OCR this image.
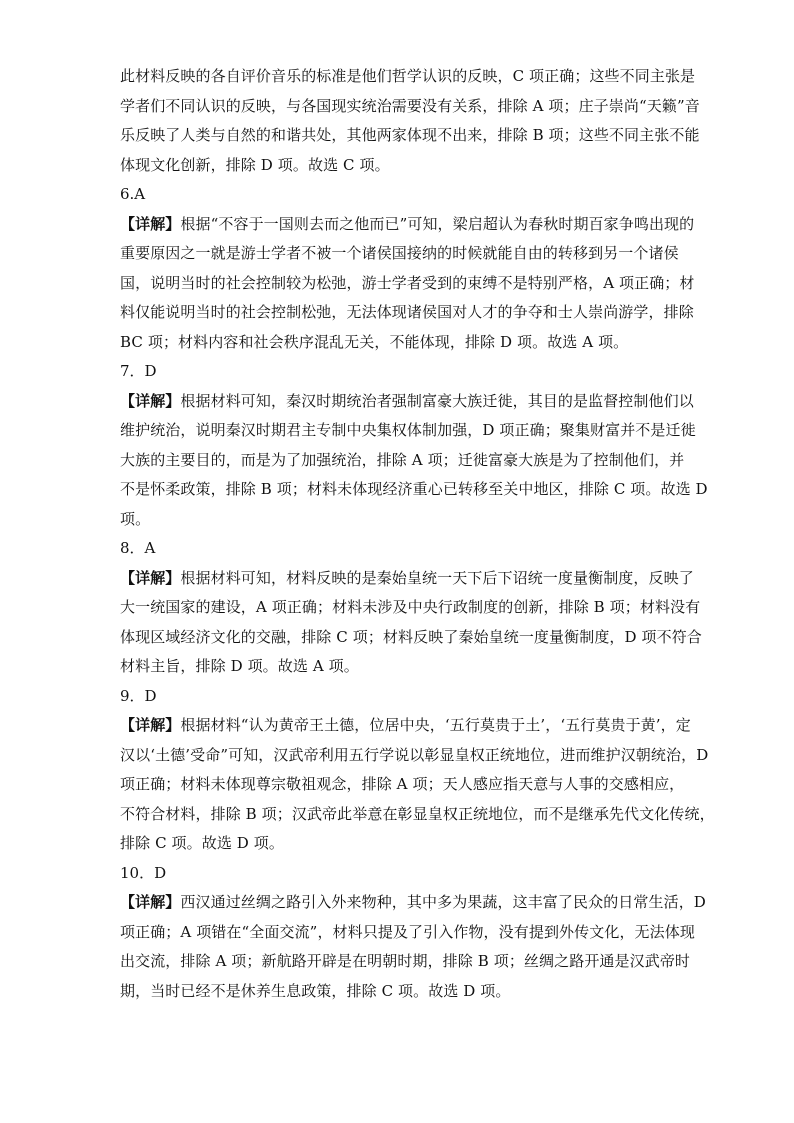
此材料反映的各自评价音乐的标准是他们哲学认识的反映，C 项正确；这些不同主张是
学者们不同认识的反映，与各国现实统治需要没有关系，排除 A 项；庄子崇尚“天籁”音
乐反映了人类与自然的和谐共处，其他两家体现不出来，排除 B 项；这些不同主张不能
体现文化创新，排除 D 项。故选 C 项。
6.A
【详解】根据“不容于一国则去而之他而已”可知，梁启超认为春秋时期百家争鸣出现的
重要原因之一就是游士学者不被一个诸侯国接纳的时候就能自由的转移到另一个诸侯
国，说明当时的社会控制较为松弛，游士学者受到的束缚不是特别严格，A 项正确；材
料仅能说明当时的社会控制松弛，无法体现诸侯国对人才的争夺和士人崇尚游学，排除
BC 项；材料内容和社会秩序混乱无关，不能体现，排除 D 项。故选 A 项。
7．D
【详解】根据材料可知，秦汉时期统治者强制富豪大族迁徙，其目的是监督控制他们以
维护统治，说明秦汉时期君主专制中央集权体制加强，D 项正确；聚集财富并不是迁徙
大族的主要目的，而是为了加强统治，排除 A 项；迁徙富豪大族是为了控制他们，并
不是怀柔政策，排除 B 项；材料未体现经济重心已转移至关中地区，排除 C 项。故选 D
项。
8．A
【详解】根据材料可知，材料反映的是秦始皇统一天下后下诏统一度量衡制度，反映了
大一统国家的建设，A 项正确；材料未涉及中央行政制度的创新，排除 B 项；材料没有
体现区域经济文化的交融，排除 C 项；材料反映了秦始皇统一度量衡制度，D 项不符合
材料主旨，排除 D 项。故选 A 项。
9．D
【详解】根据材料“认为黄帝王土德，位居中央，‘五行莫贵于土’，‘五行莫贵于黄’，定
汉以‘土德’受命”可知，汉武帝利用五行学说以彰显皇权正统地位，进而维护汉朝统治，D
项正确；材料未体现尊宗敬祖观念，排除 A 项；天人感应指天意与人事的交感相应，
不符合材料，排除 B 项；汉武帝此举意在彰显皇权正统地位，而不是继承先代文化传统，
排除 C 项。故选 D 项。
10．D
【详解】西汉通过丝绸之路引入外来物种，其中多为果蔬，这丰富了民众的日常生活，D
项正确；A 项错在“全面交流”，材料只提及了引入作物，没有提到外传文化，无法体现
出交流，排除 A 项；新航路开辟是在明朝时期，排除 B 项；丝绸之路开通是汉武帝时
期，当时已经不是休养生息政策，排除 C 项。故选 D 项。
